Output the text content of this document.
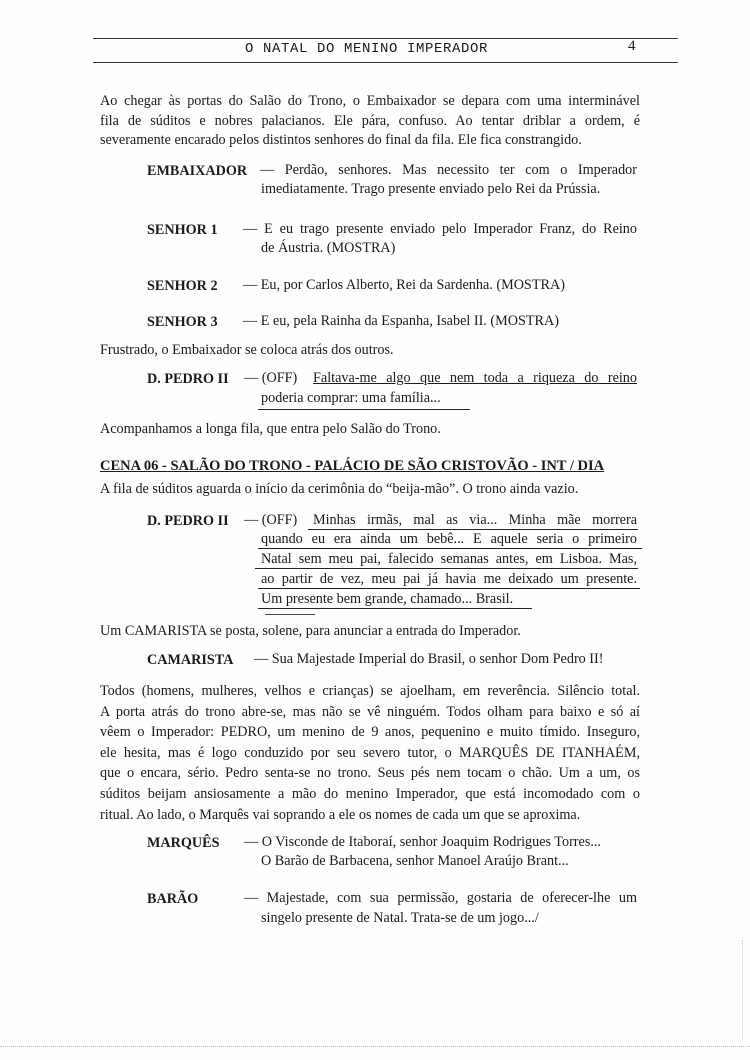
O NATAL DO MENINO IMPERADOR	4
Ao chegar às portas do Salão do Trono, o Embaixador se depara com uma interminável
fila de súditos e nobres palacianos. Ele pára, confuso. Ao tentar driblar a ordem, é
severamente encarado pelos distintos senhores do final da fila. Ele fica constrangido.
EMBAIXADOR — Perdão, senhores. Mas necessito ter com o Imperador
imediatamente. Trago presente enviado pelo Rei da Prússia.
SENHOR 1 — E eu trago presente enviado pelo Imperador Franz, do Reino
de Áustria. (MOSTRA)
SENHOR 2 — Eu, por Carlos Alberto, Rei da Sardenha. (MOSTRA)
SENHOR 3 — E eu, pela Rainha da Espanha, Isabel II. (MOSTRA)
Frustrado, o Embaixador se coloca atrás dos outros.
D. PEDRO II — (OFF) Faltava-me algo que nem toda a riqueza do reino
poderia comprar: uma família...
Acompanhamos a longa fila, que entra pelo Salão do Trono.
CENA 06 - SALÃO DO TRONO - PALÁCIO DE SÃO CRISTOVÃO - INT / DIA
A fila de súditos aguarda o início da cerimônia do “beija-mão”. O trono ainda vazio.
D. PEDRO II — (OFF) Minhas irmãs, mal as via... Minha mãe morrera
quando eu era ainda um bebê... E aquele seria o primeiro
Natal sem meu pai, falecido semanas antes, em Lisboa. Mas,
ao partir de vez, meu pai já havia me deixado um presente.
Um presente bem grande, chamado... Brasil.
Um CAMARISTA se posta, solene, para anunciar a entrada do Imperador.
CAMARISTA — Sua Majestade Imperial do Brasil, o senhor Dom Pedro II!
Todos (homens, mulheres, velhos e crianças) se ajoelham, em reverência. Silêncio total.
A porta atrás do trono abre-se, mas não se vê ninguém. Todos olham para baixo e só aí
vêem o Imperador: PEDRO, um menino de 9 anos, pequenino e muito tímido. Inseguro,
ele hesita, mas é logo conduzido por seu severo tutor, o MARQUÊS DE ITANHAÉM,
que o encara, sério. Pedro senta-se no trono. Seus pés nem tocam o chão. Um a um, os
súditos beijam ansiosamente a mão do menino Imperador, que está incomodado com o
ritual. Ao lado, o Marquês vai soprando a ele os nomes de cada um que se aproxima.
MARQUÊS — O Visconde de Itaboraí, senhor Joaquim Rodrigues Torres...
O Barão de Barbacena, senhor Manoel Araújo Brant...
BARÃO	— Majestade, com sua permissão, gostaria de oferecer-lhe um
singelo presente de Natal. Trata-se de um jogo.../
